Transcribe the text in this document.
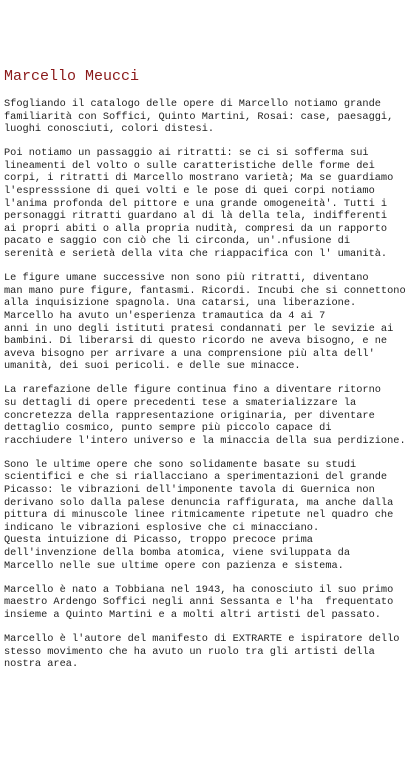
Marcello Meucci

Sfogliando il catalogo delle opere di Marcello notiamo grande
familiarità con Soffici, Quinto Martini, Rosai: case, paesaggi,
luoghi conosciuti, colori distesi.

Poi notiamo un passaggio ai ritratti: se ci si sofferma sui
lineamenti del volto o sulle caratteristiche delle forme dei
corpi, i ritratti di Marcello mostrano varietà; Ma se guardiamo
l'espresssione di quei volti e le pose di quei corpi notiamo
l'anima profonda del pittore e una grande omogeneità'. Tutti i
personaggi ritratti guardano al di là della tela, indifferenti
ai propri abiti o alla propria nudità, compresi da un rapporto
pacato e saggio con ciò che li circonda, un'.nfusione di
serenità e serietà della vita che riappacifica con l' umanità.

Le figure umane successive non sono più ritratti, diventano
man mano pure figure, fantasmi. Ricordi. Incubi che si connettono
alla inquisizione spagnola. Una catarsi, una liberazione.
Marcello ha avuto un'esperienza tramautica da 4 ai 7
anni in uno degli istituti pratesi condannati per le sevizie ai
bambini. Di liberarsi di questo ricordo ne aveva bisogno, e ne
aveva bisogno per arrivare a una comprensione più alta dell'
umanità, dei suoi pericoli. e delle sue minacce.

La rarefazione delle figure continua fino a diventare ritorno
su dettagli di opere precedenti tese a smaterializzare la
concretezza della rappresentazione originaria, per diventare
dettaglio cosmico, punto sempre più piccolo capace di
racchiudere l'intero universo e la minaccia della sua perdizione.

Sono le ultime opere che sono solidamente basate su studi
scientifici e che si riallacciano a sperimentazioni del grande
Picasso: le vibrazioni dell'imponente tavola di Guernica non
derivano solo dalla palese denuncia raffigurata, ma anche dalla
pittura di minuscole linee ritmicamente ripetute nel quadro che
indicano le vibrazioni esplosive che ci minacciano.
Questa intuizione di Picasso, troppo precoce prima
dell'invenzione della bomba atomica, viene sviluppata da
Marcello nelle sue ultime opere con pazienza e sistema.

Marcello è nato a Tobbiana nel 1943, ha conosciuto il suo primo
maestro Ardengo Soffici negli anni Sessanta e l'ha  frequentato
insieme a Quinto Martini e a molti altri artisti del passato.

Marcello è l'autore del manifesto di EXTRARTE e ispiratore dello
stesso movimento che ha avuto un ruolo tra gli artisti della
nostra area.
